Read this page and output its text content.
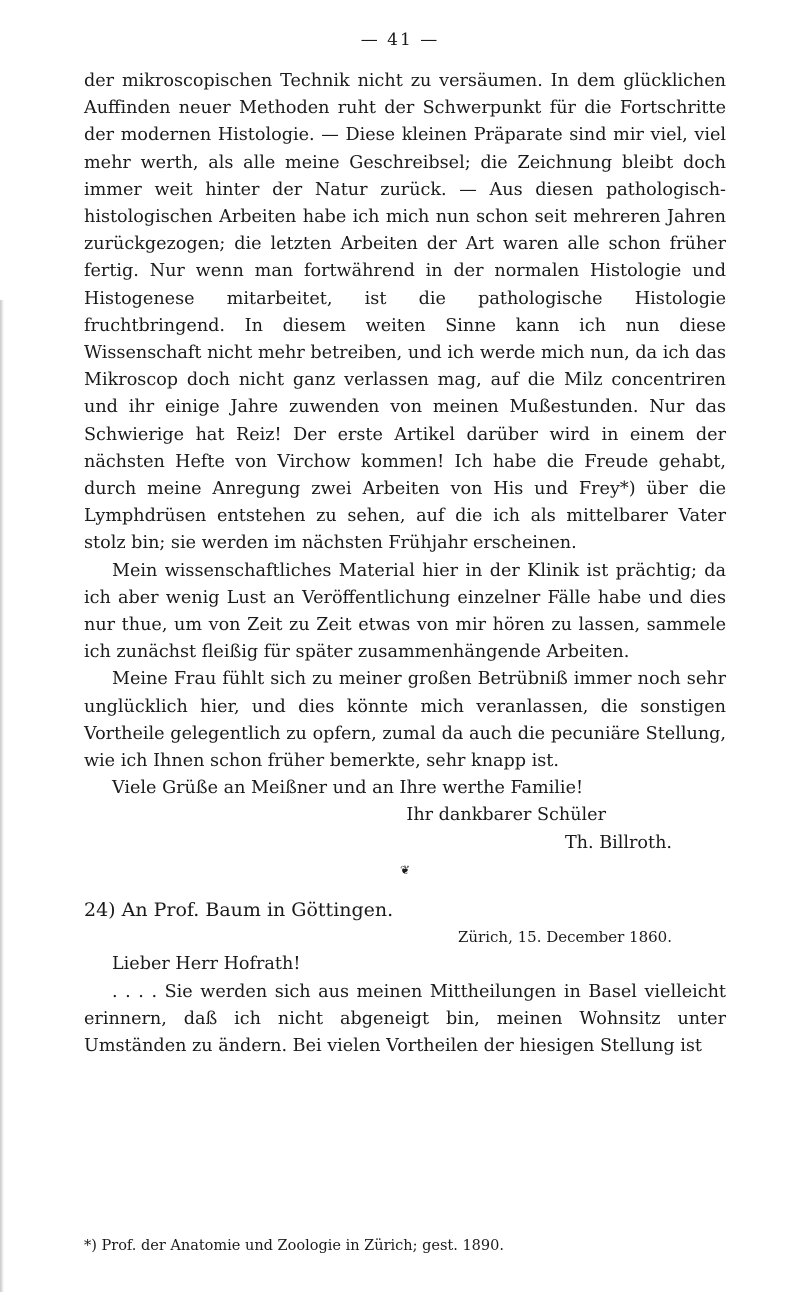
— 41 —

der mikroscopischen Technik nicht zu versäumen. In dem glücklichen Auffinden neuer Methoden ruht der Schwerpunkt für die Fortschritte der modernen Histologie. — Diese kleinen Präparate sind mir viel, viel mehr werth, als alle meine Geschreibsel; die Zeichnung bleibt doch immer weit hinter der Natur zurück. — Aus diesen pathologisch-histologischen Arbeiten habe ich mich nun schon seit mehreren Jahren zurückgezogen; die letzten Arbeiten der Art waren alle schon früher fertig. Nur wenn man fortwährend in der normalen Histologie und Histogenese mitarbeitet, ist die pathologische Histologie fruchtbringend. In diesem weiten Sinne kann ich nun diese Wissenschaft nicht mehr betreiben, und ich werde mich nun, da ich das Mikroscop doch nicht ganz verlassen mag, auf die Milz concentriren und ihr einige Jahre zuwenden von meinen Mußestunden. Nur das Schwierige hat Reiz! Der erste Artikel darüber wird in einem der nächsten Hefte von Virchow kommen! Ich habe die Freude gehabt, durch meine Anregung zwei Arbeiten von His und Frey*) über die Lymphdrüsen entstehen zu sehen, auf die ich als mittelbarer Vater stolz bin; sie werden im nächsten Frühjahr erscheinen.

Mein wissenschaftliches Material hier in der Klinik ist prächtig; da ich aber wenig Lust an Veröffentlichung einzelner Fälle habe und dies nur thue, um von Zeit zu Zeit etwas von mir hören zu lassen, sammele ich zunächst fleißig für später zusammenhängende Arbeiten.

Meine Frau fühlt sich zu meiner großen Betrübniß immer noch sehr unglücklich hier, und dies könnte mich veranlassen, die sonstigen Vortheile gelegentlich zu opfern, zumal da auch die pecuniäre Stellung, wie ich Ihnen schon früher bemerkte, sehr knapp ist.

Viele Grüße an Meißner und an Ihre werthe Familie!

Ihr dankbarer Schüler

Th. Billroth.

❦

24) An Prof. Baum in Göttingen.

Zürich, 15. December 1860.

Lieber Herr Hofrath!

. . . . Sie werden sich aus meinen Mittheilungen in Basel vielleicht erinnern, daß ich nicht abgeneigt bin, meinen Wohnsitz unter Umständen zu ändern. Bei vielen Vortheilen der hiesigen Stellung ist

*) Prof. der Anatomie und Zoologie in Zürich; gest. 1890.
